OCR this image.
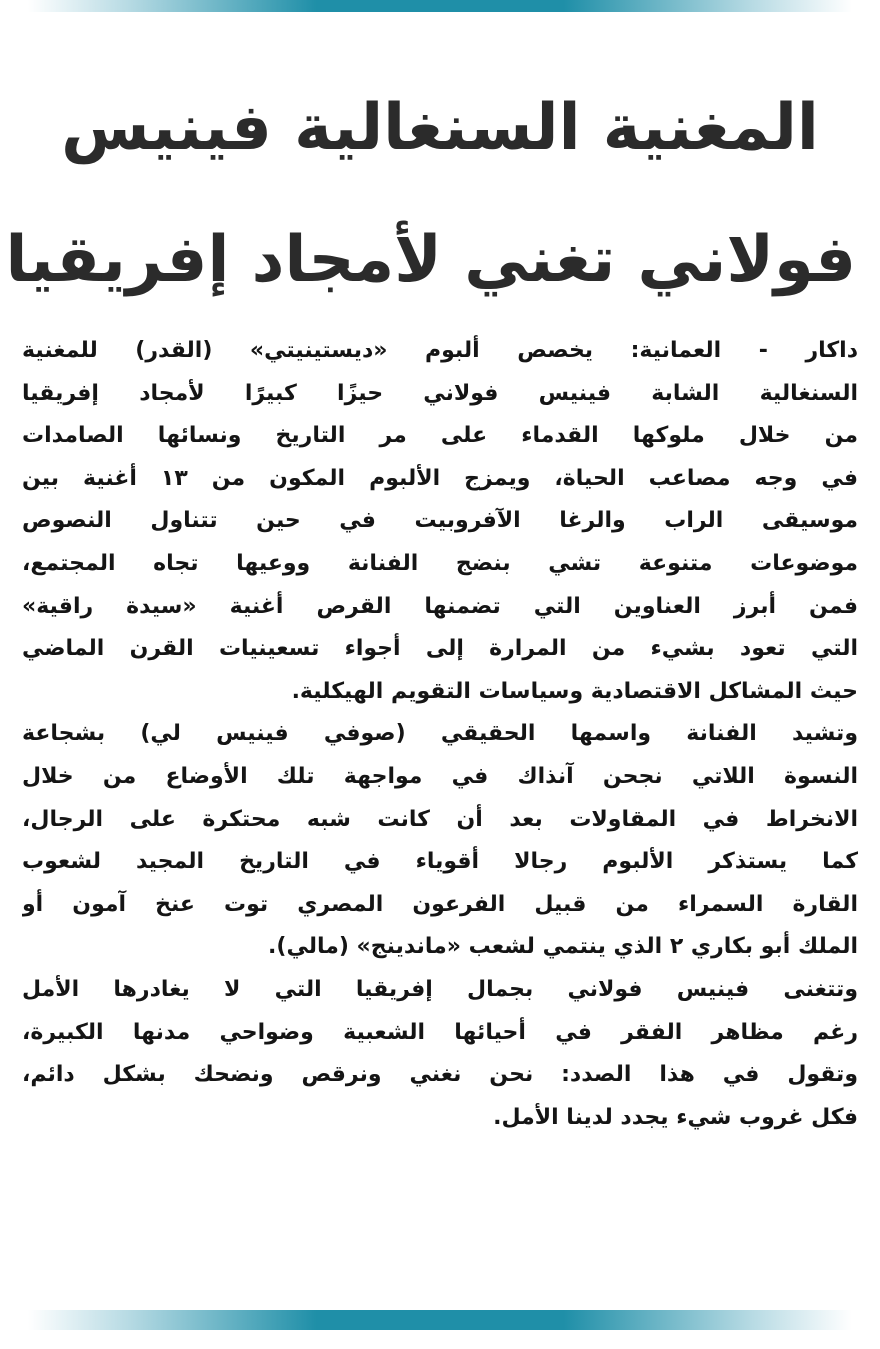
المغنية السنغالية فينيس
فولاني تغني لأمجاد إفريقيا
داكار - العمانية: يخصص ألبوم «ديستينيتي» (القدر) للمغنية
السنغالية الشابة فينيس فولاني حيزًا كبيرًا لأمجاد إفريقيا
من خلال ملوكها القدماء على مر التاريخ ونسائها الصامدات
في وجه مصاعب الحياة، ويمزج الألبوم المكون من ١٣ أغنية بين
موسيقى الراب والرغا الآفروبيت في حين تتناول النصوص
موضوعات متنوعة تشي بنضج الفنانة ووعيها تجاه المجتمع،
فمن أبرز العناوين التي تضمنها القرص أغنية «سيدة راقية»
التي تعود بشيء من المرارة إلى أجواء تسعينيات القرن الماضي
حيث المشاكل الاقتصادية وسياسات التقويم الهيكلية.
وتشيد الفنانة واسمها الحقيقي (صوفي فينيس لي) بشجاعة
النسوة اللاتي نجحن آنذاك في مواجهة تلك الأوضاع من خلال
الانخراط في المقاولات بعد أن كانت شبه محتكرة على الرجال،
كما يستذكر الألبوم رجالا أقوياء في التاريخ المجيد لشعوب
القارة السمراء من قبيل الفرعون المصري توت عنخ آمون أو
الملك أبو بكاري ٢ الذي ينتمي لشعب «ماندينج» (مالي).
وتتغنى فينيس فولاني بجمال إفريقيا التي لا يغادرها الأمل
رغم مظاهر الفقر في أحيائها الشعبية وضواحي مدنها الكبيرة،
وتقول في هذا الصدد: نحن نغني ونرقص ونضحك بشكل دائم،
فكل غروب شيء يجدد لدينا الأمل.
